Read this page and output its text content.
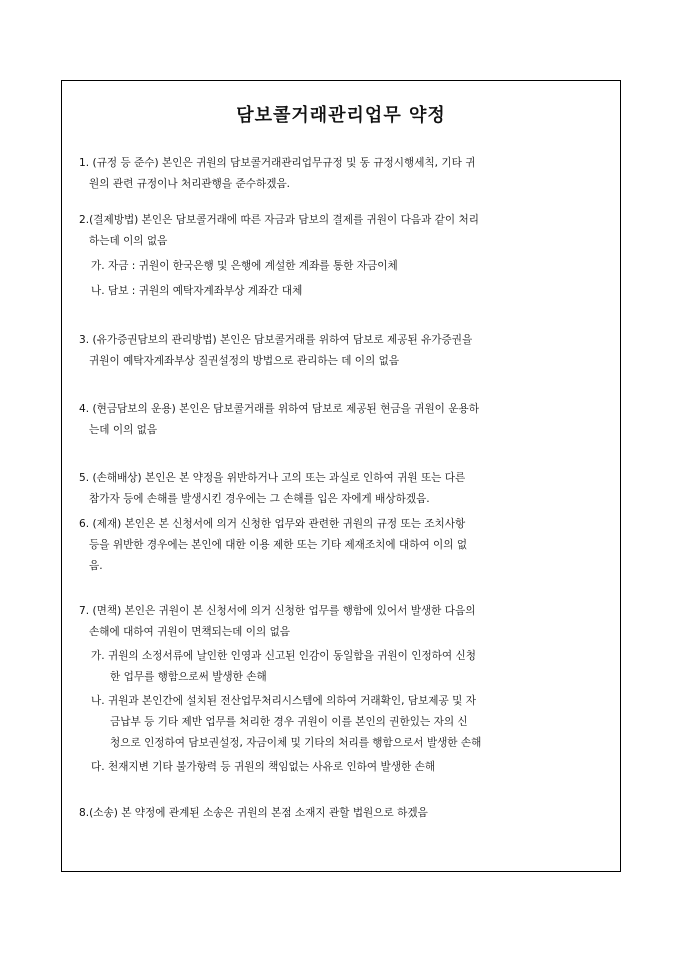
담보콜거래관리업무 약정
1. (규정 등 준수) 본인은 귀원의 담보콜거래관리업무규정 및 동 규정시행세칙, 기타 귀
원의 관련 규정이나 처리관행을 준수하겠음.
2.(결제방법) 본인은 담보콜거래에 따른 자금과 담보의 결제를 귀원이 다음과 같이 처리
하는데 이의 없음
가. 자금 : 귀원이 한국은행 및 은행에 계설한 계좌를 통한 자금이체
나. 담보 : 귀원의 예탁자계좌부상 계좌간 대체
3. (유가증권담보의 관리방법) 본인은 담보콜거래를 위하여 담보로 제공된 유가증권을
귀원이 예탁자계좌부상 질권설정의 방법으로 관리하는 데 이의 없음
4. (현금담보의 운용) 본인은 담보콜거래를 위하여 담보로 제공된 현금을 귀원이 운용하
는데 이의 없음
5. (손해배상) 본인은 본 약정을 위반하거나 고의 또는 과실로 인하여 귀원 또는 다른
참가자 등에 손해를 발생시킨 경우에는 그 손해를 입은 자에게 배상하겠음.
6. (제재) 본인은 본 신청서에 의거 신청한 업무와 관련한 귀원의 규정 또는 조치사항
등을 위반한 경우에는 본인에 대한 이용 제한 또는 기타 제재조치에 대하여 이의 없
음.
7. (면책) 본인은 귀원이 본 신청서에 의거 신청한 업무를 행함에 있어서 발생한 다음의
손해에 대하여 귀원이 면책되는데 이의 없음
가. 귀원의 소정서류에 날인한 인영과 신고된 인감이 동일함을 귀원이 인정하여 신청
한 업무를 행함으로써 발생한 손해
나. 귀원과 본인간에 설치된 전산업무처리시스템에 의하여 거래확인, 담보제공 및 자
금납부 등 기타 제반 업무를 처리한 경우 귀원이 이를 본인의 권한있는 자의 신
청으로 인정하여 담보권설정, 자금이체 및 기타의 처리를 행함으로서 발생한 손해
다. 천재지변 기타 불가항력 등 귀원의 책임없는 사유로 인하여 발생한 손해
8.(소송) 본 약정에 관계된 소송은 귀원의 본점 소재지 관할 법원으로 하겠음
